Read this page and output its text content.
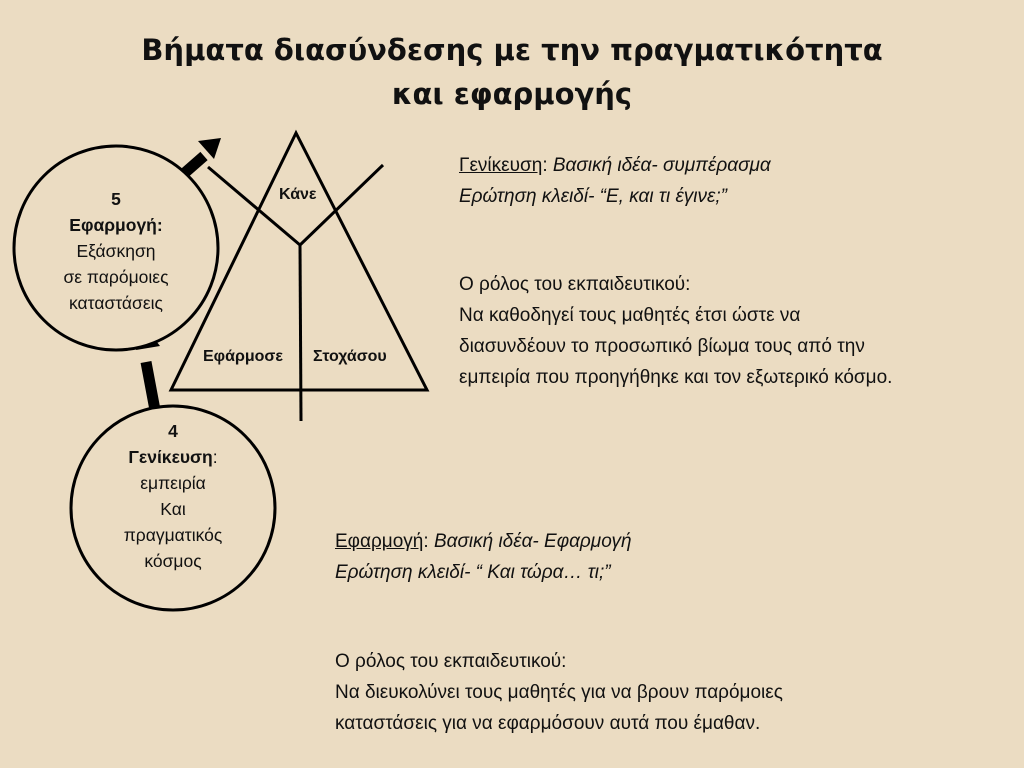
Βήματα διασύνδεσης με την πραγματικότητα
και εφαρμογής
5
Εφαρμογή:
Εξάσκηση
σε παρόμοιες
καταστάσεις
4
Γενίκευση:
εμπειρία
Και
πραγματικός
κόσμος
Κάνε
Εφάρμοσε Στοχάσου
Γενίκευση: Βασική ιδέα- συμπέρασμα
Ερώτηση κλειδί- “Ε, και τι έγινε;”
Ο ρόλος του εκπαιδευτικού:
Να καθοδηγεί τους μαθητές έτσι ώστε να
διασυνδέουν το προσωπικό βίωμα τους από την
εμπειρία που προηγήθηκε και τον εξωτερικό κόσμο.
Εφαρμογή: Βασική ιδέα- Εφαρμογή
Ερώτηση κλειδί- “ Και τώρα… τι;”
Ο ρόλος του εκπαιδευτικού:
Να διευκολύνει τους μαθητές για να βρουν παρόμοιες
καταστάσεις για να εφαρμόσουν αυτά που έμαθαν.
